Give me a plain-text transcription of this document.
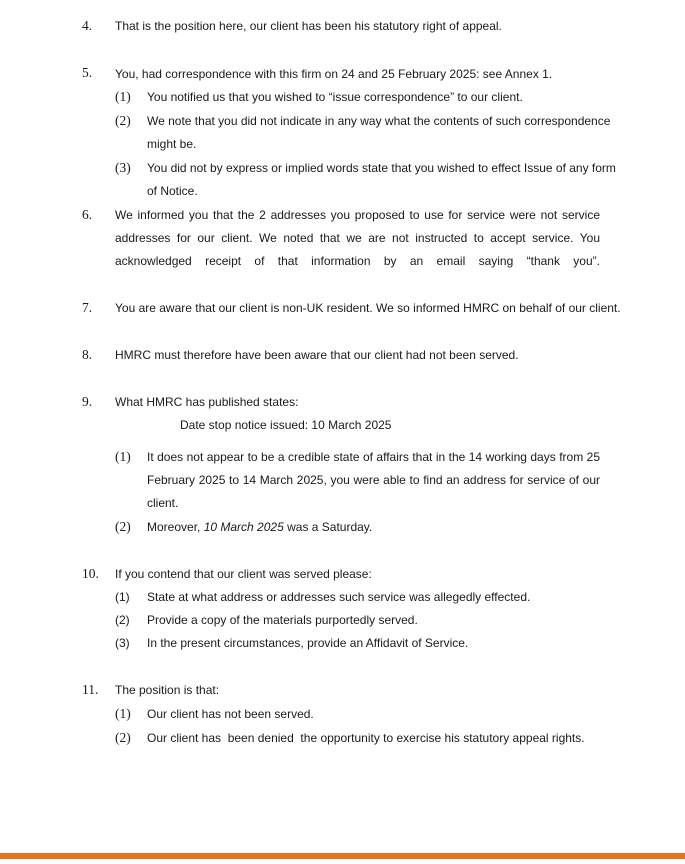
4. That is the position here, our client has been his statutory right of appeal.
5. You, had correspondence with this firm on 24 and 25 February 2025: see Annex 1.
(1) You notified us that you wished to “issue correspondence” to our client.
(2) We note that you did not indicate in any way what the contents of such correspondence
might be.
(3) You did not by express or implied words state that you wished to effect Issue of any form
of Notice.
6. We informed you that the 2 addresses you proposed to use for service were not service
addresses for our client. We noted that we are not instructed to accept service. You
acknowledged receipt of that information by an email saying “thank you”.
7. You are aware that our client is non-UK resident. We so informed HMRC on behalf of our client.
8. HMRC must therefore have been aware that our client had not been served.
9. What HMRC has published states:
Date stop notice issued: 10 March 2025
(1) It does not appear to be a credible state of affairs that in the 14 working days from 25
February 2025 to 14 March 2025, you were able to find an address for service of our
client.
(2) Moreover, 10 March 2025 was a Saturday.
10. If you contend that our client was served please:
(1) State at what address or addresses such service was allegedly effected.
(2) Provide a copy of the materials purportedly served.
(3) In the present circumstances, provide an Affidavit of Service.
11. The position is that:
(1) Our client has not been served.
(2) Our client has  been denied  the opportunity to exercise his statutory appeal rights.
